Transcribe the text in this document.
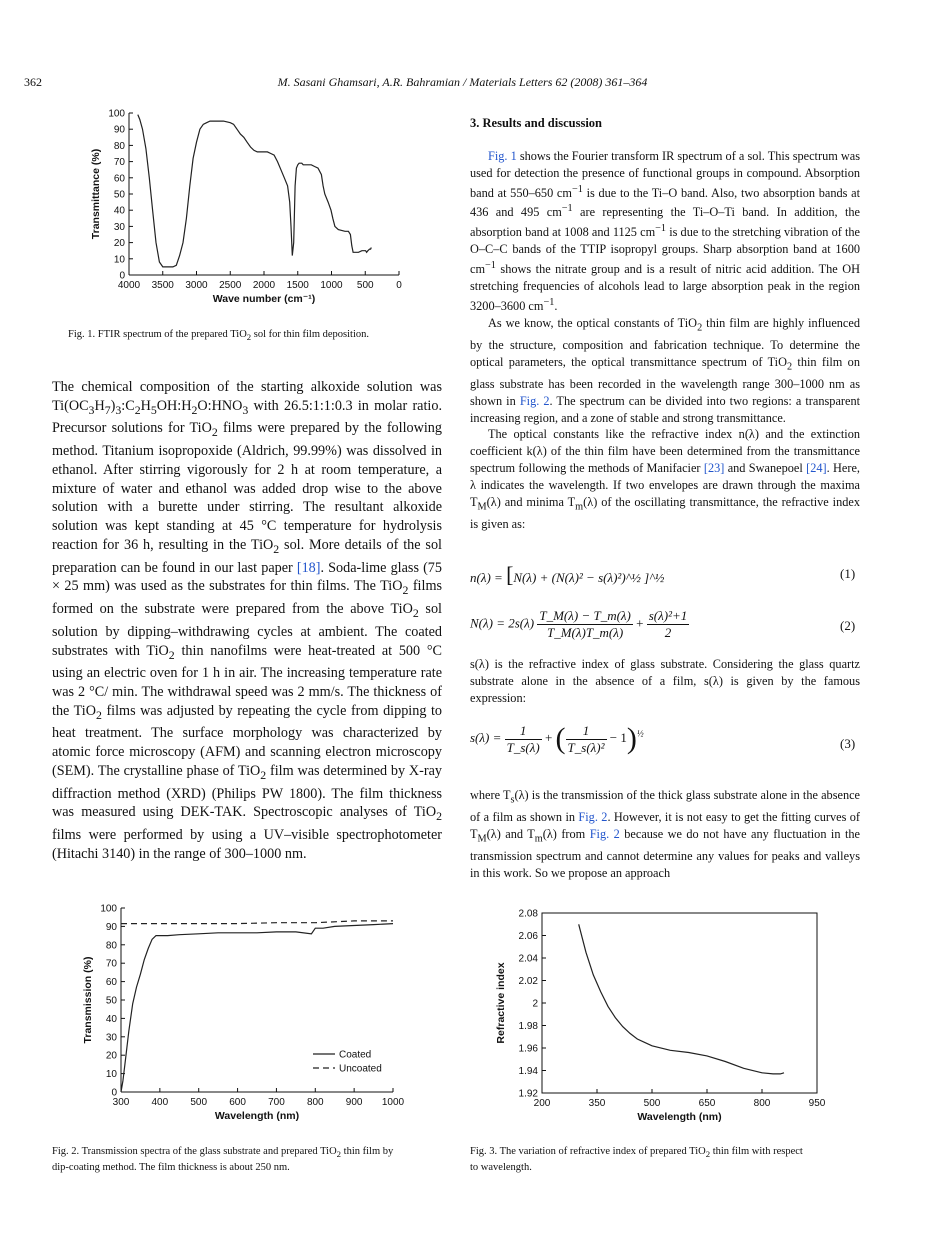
362	M. Sasani Ghamsari, A.R. Bahramian / Materials Letters 62 (2008) 361–364
4000 3500 3000 2500 2000 1500 1000 500 0
0
10
20
30
40
50
60
70
80
90
100
Wave number (cm⁻¹)
Transmittance (%)
Fig. 1. FTIR spectrum of the prepared TiO$_2$ sol for thin film deposition.
The chemical composition of the starting alkoxide solution was $Ti(OC_3H_7)_3:C_2H_5OH:H_2O:HNO_3$ with 26.5:1:1:0.3 in molar ratio. Precursor solutions for TiO$_2$ films were prepared by the following method. Titanium isopropoxide (Aldrich, 99.99%) was dissolved in ethanol. After stirring vigorously for 2 h at room temperature, a mixture of water and ethanol was added drop wise to the above solution with a burette under stirring. The resultant alkoxide solution was kept standing at 45 °C temperature for hydrolysis reaction for 36 h, resulting in the TiO$_2$ sol. More details of the sol preparation can be found in our last paper [18]. Soda-lime glass (75 × 25 mm) was used as the substrates for thin films. The TiO$_2$ films formed on the substrate were prepared from the above TiO$_2$ sol solution by dipping–withdrawing cycles at ambient. The coated substrates with TiO$_2$ thin nanofilms were heat-treated at 500 °C using an electric oven for 1 h in air. The increasing temperature rate was 2 °C/ min. The withdrawal speed was 2 mm/s. The thickness of the TiO$_2$ films was adjusted by repeating the cycle from dipping to heat treatment. The surface morphology was characterized by atomic force microscopy (AFM) and scanning electron microscopy (SEM). The crystalline phase of TiO$_2$ film was determined by X-ray diffraction method (XRD) (Philips PW 1800). The film thickness was measured using DEK-TAK. Spectroscopic analyses of TiO$_2$ films were performed by using a UV–visible spectrophotometer (Hitachi 3140) in the range of 300–1000 nm.
3. Results and discussion

Fig. 1 shows the Fourier transform IR spectrum of a sol. This spectrum was used for detection the presence of functional groups in compound. Absorption band at 550–650 $cm^{-1}$ is due to the Ti–O band. Also, two absorption bands at 436 and 495 $cm^{-1}$ are representing the Ti–O–Ti band. In addition, the absorption band at 1008 and 1125 $cm^{-1}$ is due to the stretching vibration of the O–C–C bands of the TTIP isopropyl groups. Sharp absorption band at 1600 $cm^{-1}$ shows the nitrate group and is a result of nitric acid addition. The OH stretching frequencies of alcohols lead to large absorption peak in the region 3200–3600 $cm^{-1}$.

As we know, the optical constants of TiO$_2$ thin film are highly influenced by the structure, composition and fabrication technique. To determine the optical parameters, the optical transmittance spectrum of TiO$_2$ thin film on glass substrate has been recorded in the wavelength range 300–1000 nm as shown in Fig. 2. The spectrum can be divided into two regions: a transparent increasing region, and a zone of stable and strong transmittance.

The optical constants like the refractive index n(λ) and the extinction coefficient k(λ) of the thin film have been determined from the transmittance spectrum following the methods of Manifacier [23] and Swanepoel [24]. Here, λ indicates the wavelength. If two envelopes are drawn through the maxima $T_M(\lambda)$ and minima $T_m(\lambda)$ of the oscillating transmittance, the refractive index is given as:

n(λ) = [N(λ) + (N(λ)² − s(λ)²)^½ ]^½	(1)
$N(\lambda) = 2s(\lambda) \frac{T\_M(\lambda) - T\_m(\lambda)}{T\_M(\lambda)T\_m(\lambda)} + \frac{\text{s(λ)²+1}}{2}$	(2)
s(λ) is the refractive index of glass substrate. Considering the glass quartz substrate alone in the absence of a film, s(λ) is given by the famous expression:
$s(\lambda) = \frac{1}{T\_s(\lambda)}$ + ( $\frac{1}{\text{T\_s(λ)²}} - 1)^{\frac{1}{2}}$
(3)
where $T_s(\lambda)$ is the transmission of the thick glass substrate alone in the absence of a film as shown in Fig. 2. However, it is not easy to get the fitting curves of $T_M(\lambda)$ and $T_m(\lambda)$ from Fig. 2 because we do not have any fluctuation in the transmission spectrum and cannot determine any values for peaks and valleys in this work. So we propose an approach
300 400 500 600 700 800 900 1000
0
10
20
30
40
50
60
70
80
90
100
Wavelength (nm)
Transmission (%)
Coated
Uncoated
Fig. 2. Transmission spectra of the glass substrate and prepared TiO$_2$ thin film by
dip-coating method. The film thickness is about 250 nm.
200	350	500	650	800	950
1.92
1.94
1.96
1.98
2
2.02
2.04
2.06
2.08
Wavelength (nm)
Refractive index
Fig. 3. The variation of refractive index of prepared TiO$_2$ thin film with respect
to wavelength.
